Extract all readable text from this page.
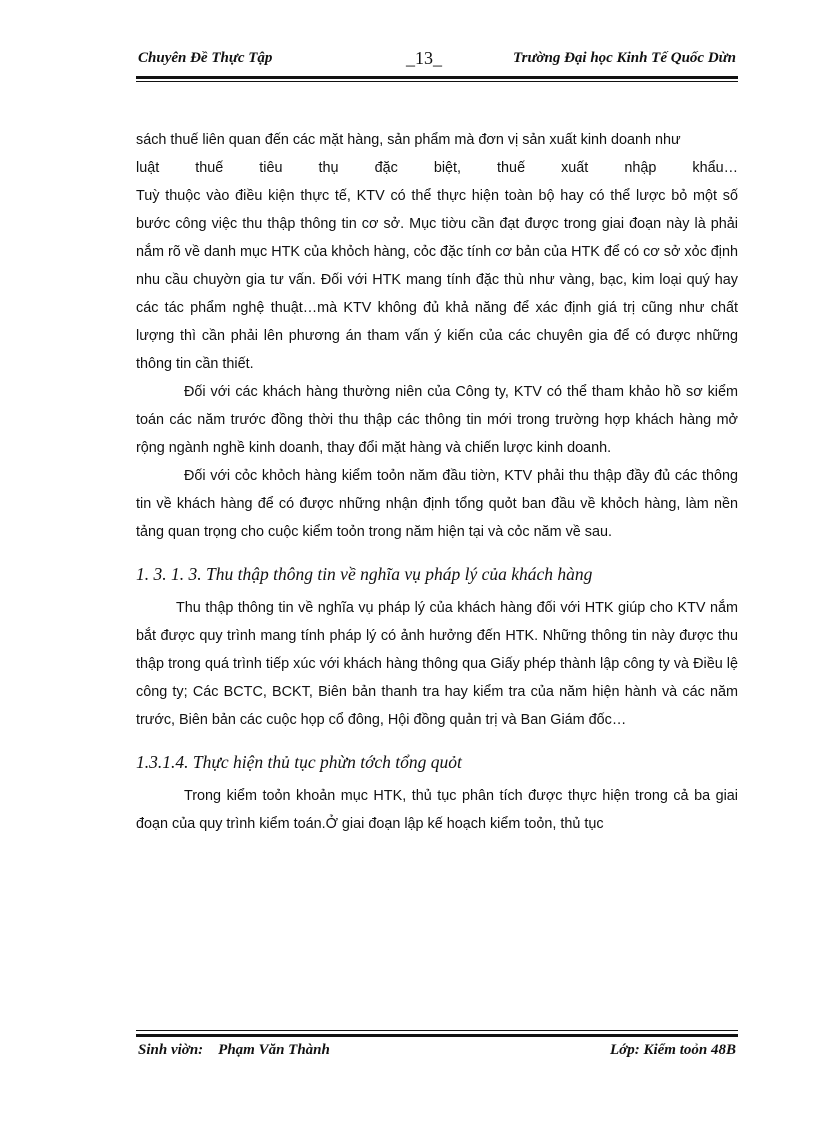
Chuyên Đề Thực Tập	_13_	Trường Đại học Kinh Tế Quốc Dừn

sách thuế liên quan đến các mặt hàng, sản phẩm mà đơn vị sản xuất kinh doanh như

luật thuế tiêu thụ đặc biệt, thuế xuất nhập khẩu…

Tuỳ thuộc vào điều kiện thực tế, KTV có thể thực hiện toàn bộ hay có thể lược bỏ một số bước công việc thu thập thông tin cơ sở. Mục tiờu cần đạt được trong giai đoạn này là phải nắm rõ về danh mục HTK của khỏch hàng, cỏc đặc tính cơ bản của HTK để có cơ sở xỏc định nhu cầu chuyờn gia tư vấn. Đối với HTK mang tính đặc thù như vàng, bạc, kim loại quý hay các tác phẩm nghệ thuật…mà KTV không đủ khả năng để xác định giá trị cũng như chất lượng thì cần phải lên phương án tham vấn ý kiến của các chuyên gia để có được những thông tin cần thiết.

Đối với các khách hàng thường niên của Công ty, KTV có thể tham khảo hồ sơ kiểm toán các năm trước đồng thời thu thập các thông tin mới trong trường hợp khách hàng mở rộng ngành nghề kinh doanh, thay đổi mặt hàng và chiến lược kinh doanh.

Đối với cỏc khỏch hàng kiểm toỏn năm đầu tiờn, KTV phải thu thập đầy đủ các thông tin về khách hàng để có được những nhận định tổng quỏt ban đầu về khỏch hàng, làm nền tảng quan trọng cho cuộc kiểm toỏn trong năm hiện tại và cỏc năm về sau.

1. 3. 1. 3. Thu thập thông tin về nghĩa vụ pháp lý của khách hàng

Thu thập thông tin về nghĩa vụ pháp lý của khách hàng đối với HTK giúp cho KTV nắm bắt được quy trình mang tính pháp lý có ảnh hưởng đến HTK. Những thông tin này được thu thập trong quá trình tiếp xúc với khách hàng thông qua Giấy phép thành lập công ty và Điều lệ công ty; Các BCTC, BCKT, Biên bản thanh tra hay kiểm tra của năm hiện hành và các năm trước, Biên bản các cuộc họp cổ đông, Hội đồng quản trị và Ban Giám đốc…

1.3.1.4. Thực hiện thủ tục phừn tớch tổng quỏt

Trong kiểm toỏn khoản mục HTK, thủ tục phân tích được thực hiện trong cả ba giai đoạn của quy trình kiểm toán.Ở giai đoạn lập kế hoạch kiểm toỏn, thủ tục

Sinh viờn:    Phạm Văn Thành	Lớp: Kiểm toỏn 48B
